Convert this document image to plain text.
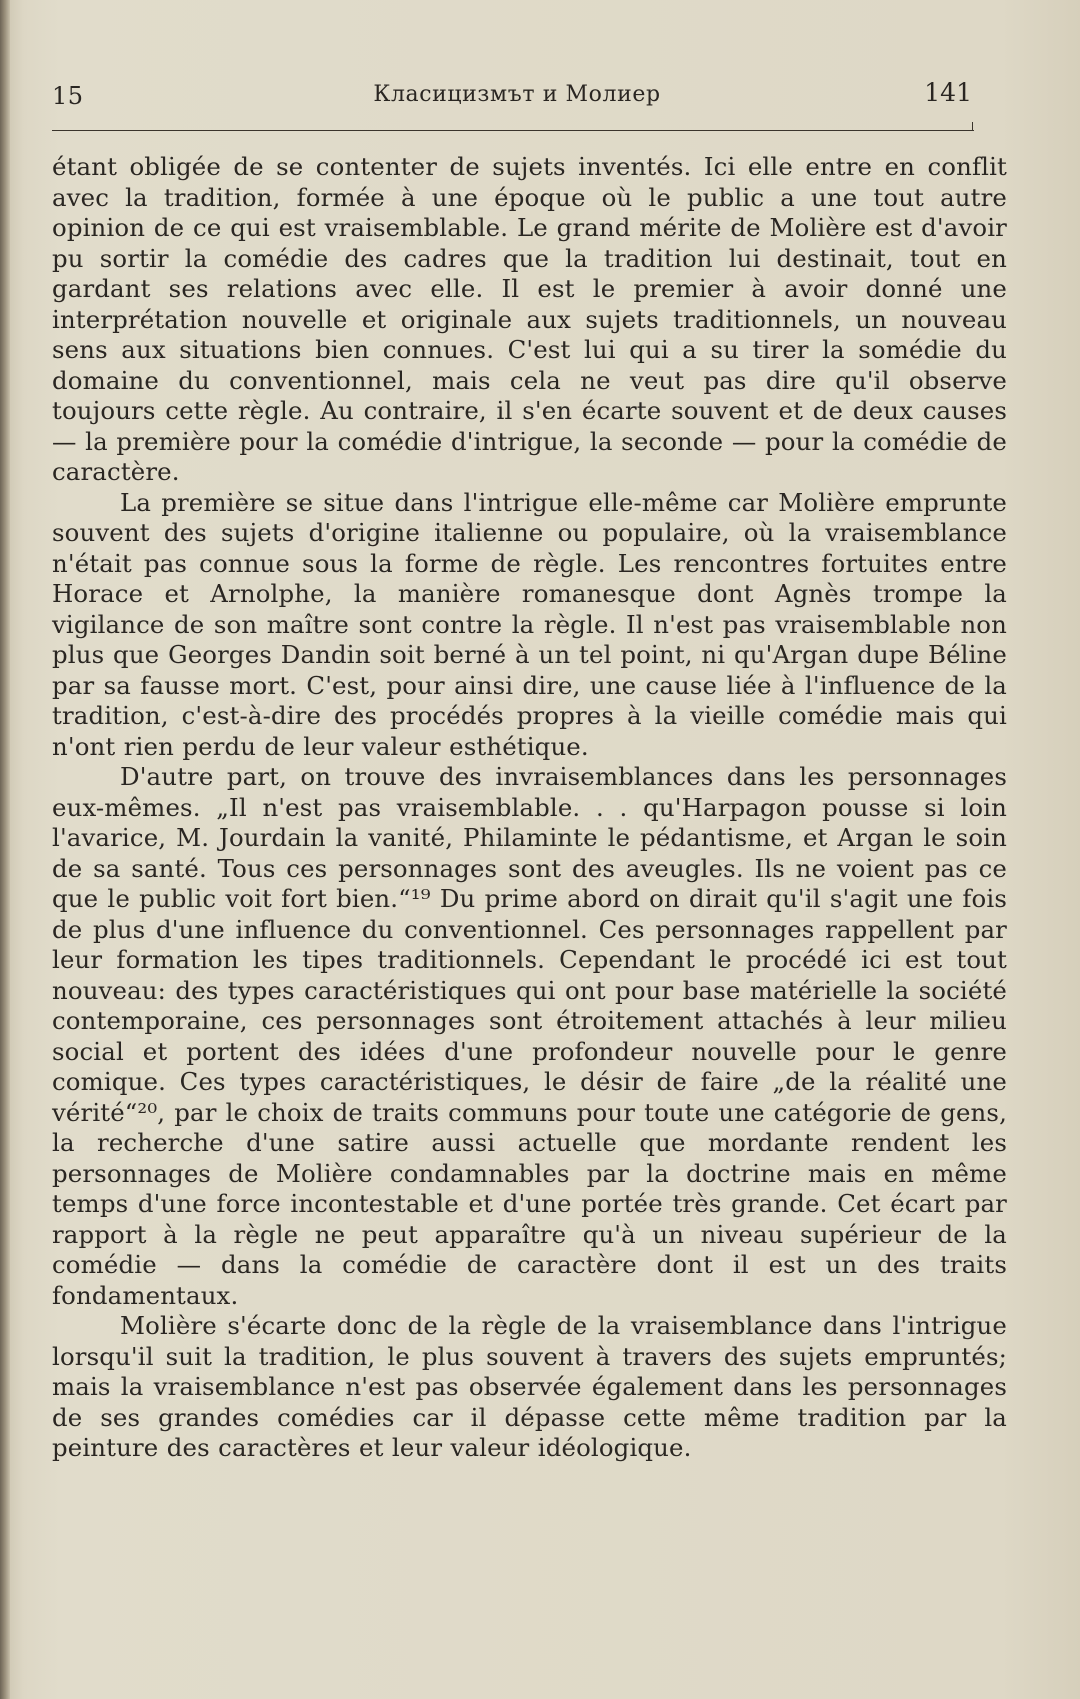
15	Класицизмът и Молиер	141

étant obligée de se contenter de sujets inventés. Ici elle entre en conflit avec la tradition, formée à une époque où le public a une tout autre opinion de ce qui est vraisemblable. Le grand mérite de Molière est d'avoir pu sortir la comédie des cadres que la tradition lui destinait, tout en gardant ses relations avec elle. Il est le premier à avoir donné une interprétation nouvelle et originale aux sujets traditionnels, un nouveau sens aux situations bien connues. C'est lui qui a su tirer la somédie du domaine du conventionnel, mais cela ne veut pas dire qu'il observe toujours cette règle. Au contraire, il s'en écarte souvent et de deux causes — la première pour la comédie d'intrigue, la seconde — pour la comédie de caractère.

La première se situe dans l'intrigue elle-même car Molière emprunte souvent des sujets d'origine italienne ou populaire, où la vraisemblance n'était pas connue sous la forme de règle. Les rencontres fortuites entre Horace et Arnolphe, la manière romanesque dont Agnès trompe la vigilance de son maître sont contre la règle. Il n'est pas vraisemblable non plus que Georges Dandin soit berné à un tel point, ni qu'Argan dupe Béline par sa fausse mort. C'est, pour ainsi dire, une cause liée à l'influence de la tradition, c'est-à-dire des procédés propres à la vieille comédie mais qui n'ont rien perdu de leur valeur esthétique.

D'autre part, on trouve des invraisemblances dans les personnages eux-mêmes. „Il n'est pas vraisemblable. . . qu'Harpagon pousse si loin l'avarice, M. Jourdain la vanité, Philaminte le pédantisme, et Argan le soin de sa santé. Tous ces personnages sont des aveugles. Ils ne voient pas ce que le public voit fort bien.“¹⁹ Du prime abord on dirait qu'il s'agit une fois de plus d'une influence du conventionnel. Ces personnages rappellent par leur formation les tipes traditionnels. Cependant le procédé ici est tout nouveau: des types caractéristiques qui ont pour base matérielle la société contemporaine, ces personnages sont étroitement attachés à leur milieu social et portent des idées d'une profondeur nouvelle pour le genre comique. Ces types caractéristiques, le désir de faire „de la réalité une vérité“²⁰, par le choix de traits communs pour toute une catégorie de gens, la recherche d'une satire aussi actuelle que mordante rendent les personnages de Molière condamnables par la doctrine mais en même temps d'une force incontestable et d'une portée très grande. Cet écart par rapport à la règle ne peut apparaître qu'à un niveau supérieur de la comédie — dans la comédie de caractère dont il est un des traits fondamentaux.

Molière s'écarte donc de la règle de la vraisemblance dans l'intrigue lorsqu'il suit la tradition, le plus souvent à travers des sujets empruntés; mais la vraisemblance n'est pas observée également dans les personnages de ses grandes comédies car il dépasse cette même tradition par la peinture des caractères et leur valeur idéologique.
